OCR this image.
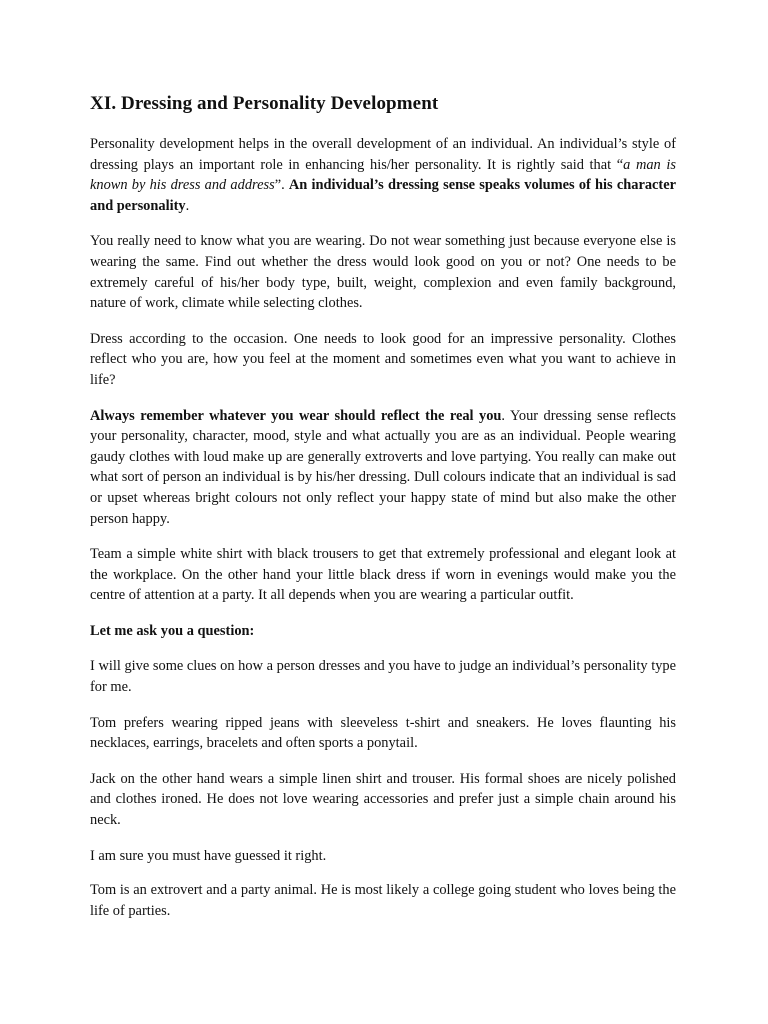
XI. Dressing and Personality Development

Personality development helps in the overall development of an individual. An individual’s style of dressing plays an important role in enhancing his/her personality. It is rightly said that “a man is known by his dress and address”. An individual’s dressing sense speaks volumes of his character and personality.

You really need to know what you are wearing. Do not wear something just because everyone else is wearing the same. Find out whether the dress would look good on you or not? One needs to be extremely careful of his/her body type, built, weight, complexion and even family background, nature of work, climate while selecting clothes.

Dress according to the occasion. One needs to look good for an impressive personality. Clothes reflect who you are, how you feel at the moment and sometimes even what you want to achieve in life?

Always remember whatever you wear should reflect the real you. Your dressing sense reflects your personality, character, mood, style and what actually you are as an individual. People wearing gaudy clothes with loud make up are generally extroverts and love partying. You really can make out what sort of person an individual is by his/her dressing. Dull colours indicate that an individual is sad or upset whereas bright colours not only reflect your happy state of mind but also make the other person happy.

Team a simple white shirt with black trousers to get that extremely professional and elegant look at the workplace. On the other hand your little black dress if worn in evenings would make you the centre of attention at a party. It all depends when you are wearing a particular outfit.

Let me ask you a question:

I will give some clues on how a person dresses and you have to judge an individual’s personality type for me.

Tom prefers wearing ripped jeans with sleeveless t-shirt and sneakers. He loves flaunting his necklaces, earrings, bracelets and often sports a ponytail.

Jack on the other hand wears a simple linen shirt and trouser. His formal shoes are nicely polished and clothes ironed. He does not love wearing accessories and prefer just a simple chain around his neck.

I am sure you must have guessed it right.

Tom is an extrovert and a party animal. He is most likely a college going student who loves being the life of parties.
